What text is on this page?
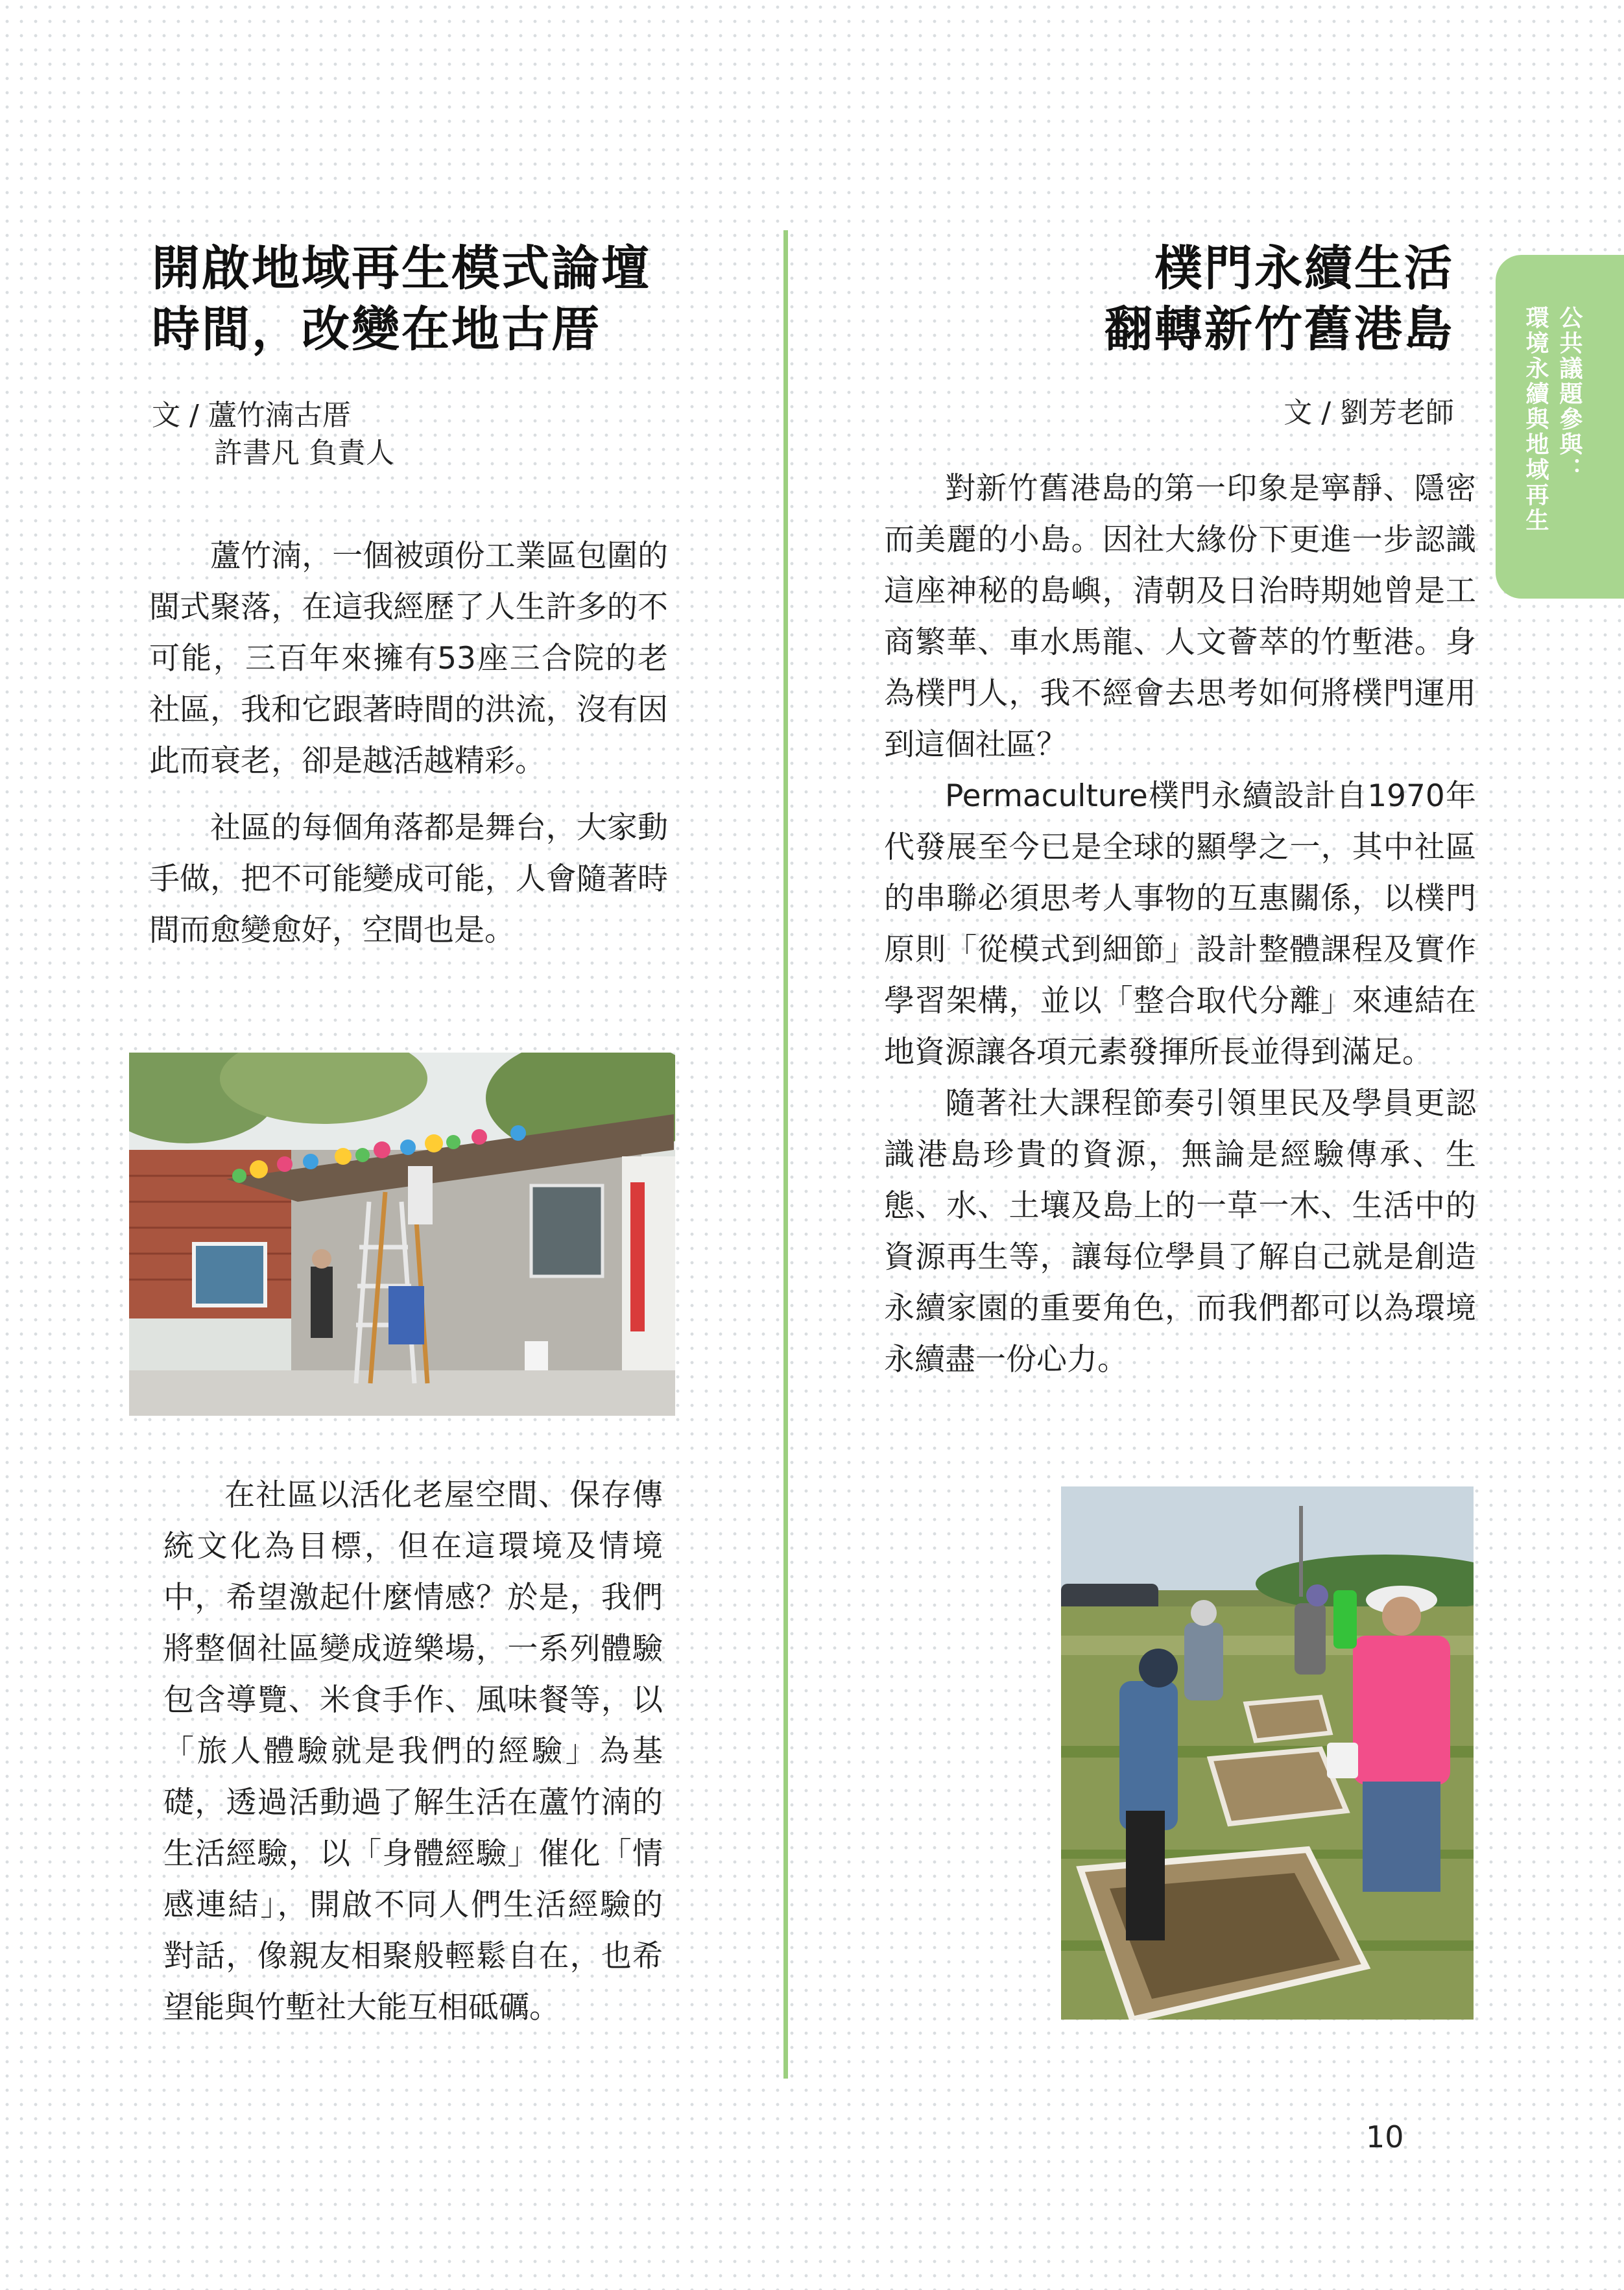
開啟地域再生模式論壇
時間，改變在地古厝
文 / 蘆竹湳古厝
許書凡 負責人

蘆竹湳，一個被頭份工業區包圍的閩式聚落，在這我經歷了人生許多的不可能，三百年來擁有53座三合院的老社區，我和它跟著時間的洪流，沒有因此而衰老，卻是越活越精彩。

社區的每個角落都是舞台，大家動手做，把不可能變成可能，人會隨著時間而愈變愈好，空間也是。

在社區以活化老屋空間、保存傳統文化為目標，但在這環境及情境中，希望激起什麼情感？於是，我們將整個社區變成遊樂場，一系列體驗包含導覽、米食手作、風味餐等，以「旅人體驗就是我們的經驗」為基礎，透過活動過了解生活在蘆竹湳的生活經驗，以「身體經驗」催化「情感連結」，開啟不同人們生活經驗的對話，像親友相聚般輕鬆自在，也希望能與竹塹社大能互相砥礪。

樸門永續生活
翻轉新竹舊港島
文 / 劉芳老師

對新竹舊港島的第一印象是寧靜、隱密而美麗的小島。因社大緣份下更進一步認識這座神秘的島嶼，清朝及日治時期她曾是工商繁華、車水馬龍、人文薈萃的竹塹港。身為樸門人，我不經會去思考如何將樸門運用到這個社區？

Permaculture樸門永續設計自1970年代發展至今已是全球的顯學之一，其中社區的串聯必須思考人事物的互惠關係，以樸門原則「從模式到細節」設計整體課程及實作學習架構，並以「整合取代分離」來連結在地資源讓各項元素發揮所長並得到滿足。

隨著社大課程節奏引領里民及學員更認識港島珍貴的資源，無論是經驗傳承、生態、水、土壤及島上的一草一木、生活中的資源再生等，讓每位學員了解自己就是創造永續家園的重要角色，而我們都可以為環境永續盡一份心力。

公共議題參與：
環境永續與地域再生
10
